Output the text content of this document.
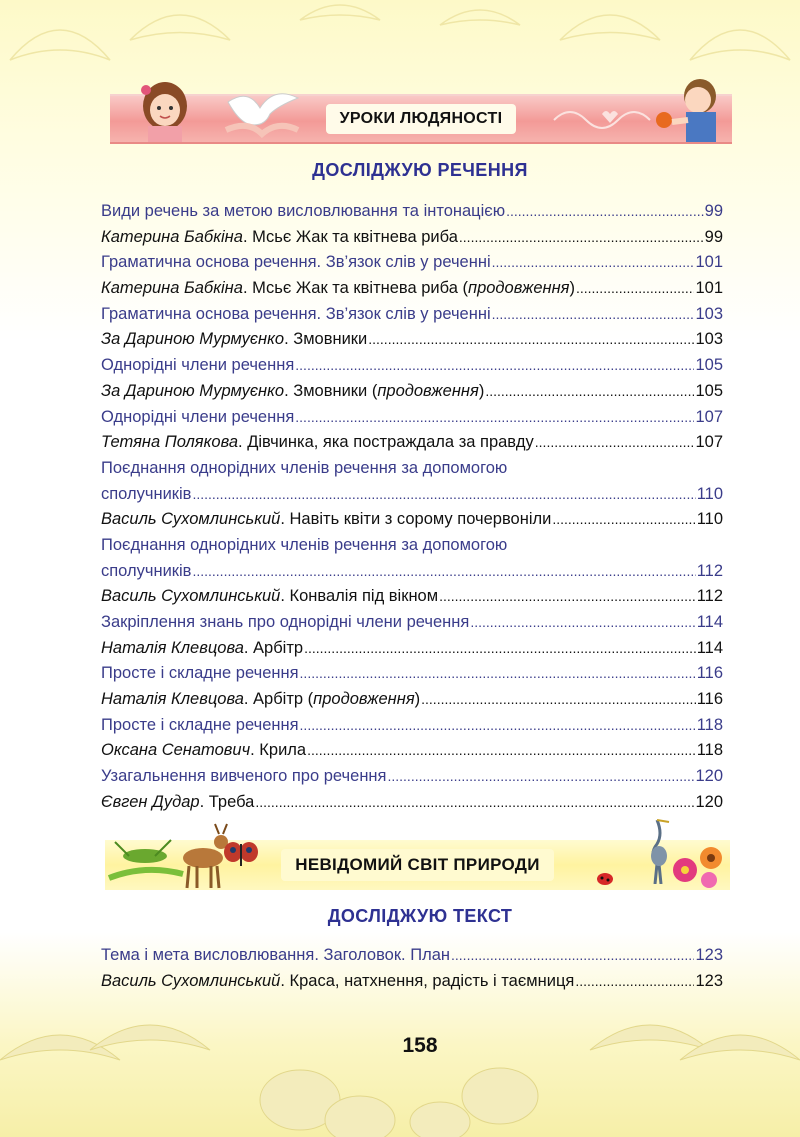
УРОКИ ЛЮДЯНОСТІ
ДОСЛІДЖУЮ РЕЧЕННЯ
Види речень за метою висловлювання та інтонацією .....	99
Катерина Бабкіна. Мсьє Жак та квітнева риба .....	99
Граматична основа речення. Зв’язок слів у реченні .....	101
Катерина Бабкіна. Мсьє Жак та квітнева риба (продовження) .....	101
Граматична основа речення. Зв’язок слів у реченні .....	103
За Дариною Мурмуєнко. Змовники .....	103
Однорідні члени речення .....	105
За Дариною Мурмуєнко. Змовники (продовження) .....	105
Однорідні члени речення .....	107
Тетяна Полякова. Дівчинка, яка постраждала за правду .....	107
Поєднання однорідних членів речення за допомогою
сполучників .....	110
Василь Сухомлинський. Навіть квіти з сорому почервоніли .....	110
Поєднання однорідних членів речення за допомогою
сполучників .....	112
Василь Сухомлинський. Конвалія під вікном .....	112
Закріплення знань про однорідні члени речення .....	114
Наталія Клевцова. Арбітр .....	114
Просте і складне речення .....	116
Наталія Клевцова. Арбітр (продовження) .....	116
Просте і складне речення .....	118
Оксана Сенатович. Крила .....	118
Узагальнення вивченого про речення .....	120
Євген Дудар. Треба .....	120
НЕВІДОМИЙ СВІТ ПРИРОДИ
ДОСЛІДЖУЮ ТЕКСТ
Тема і мета висловлювання. Заголовок. План .....	123
Василь Сухомлинський. Краса, натхнення, радість і таємниця .....	123
158
